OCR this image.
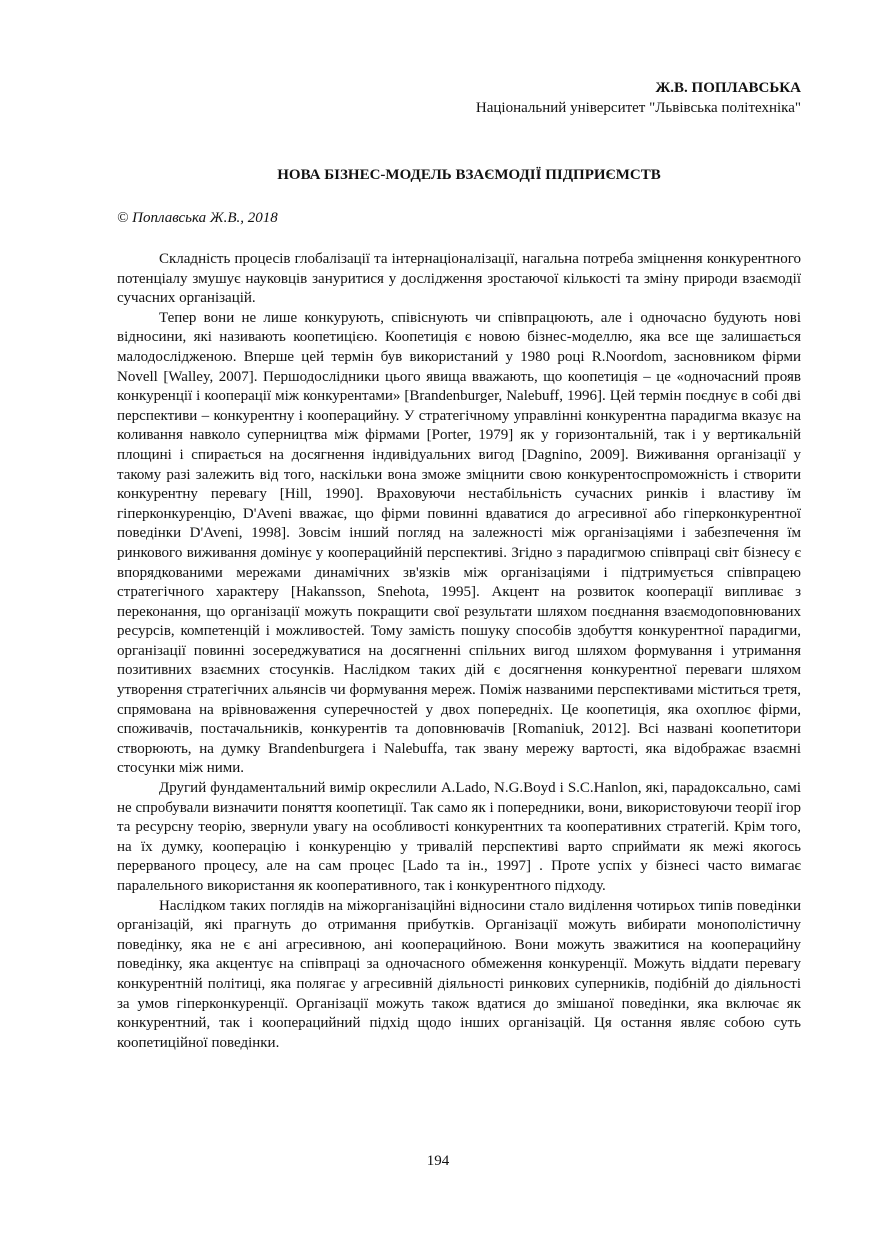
Ж.В. ПОПЛАВСЬКА
Національний університет "Львівська політехніка"
НОВА БІЗНЕС-МОДЕЛЬ ВЗАЄМОДІЇ ПІДПРИЄМСТВ
© Поплавська Ж.В., 2018

Складність процесів глобалізації та інтернаціоналізації, нагальна потреба зміцнення конкурентного потенціалу змушує науковців зануритися у дослідження зростаючої кількості та зміну природи взаємодії сучасних організацій.

Тепер вони не лише конкурують, співіснують чи співпрацюють, але і одночасно будують нові відносини, які називають коопетицією. Коопетиція є новою бізнес-моделлю, яка все ще залишається малодослідженою. Вперше цей термін був використаний у 1980 році R.Noordom, засновником фірми Novell [Walley, 2007]. Першодослідники цього явища вважають, що коопетиція – це «одночасний прояв конкуренції і кооперації між конкурентами» [Brandenburger, Nalebuff, 1996]. Цей термін поєднує в собі дві перспективи – конкурентну і кооперацийну. У стратегічному управлінні конкурентна парадигма вказує на коливання навколо суперництва між фірмами [Porter, 1979] як у горизонтальній, так і у вертикальній площині і спирається на досягнення індивідуальних вигод [Dagnino, 2009]. Виживання організації у такому разі залежить від того, наскільки вона зможе зміцнити свою конкурентоспроможність і створити конкурентну перевагу [Hill, 1990]. Враховуючи нестабільність сучасних ринків і властиву їм гіперконкуренцію, D'Aveni вважає, що фірми повинні вдаватися до агресивної або гіперконкурентної поведінки D'Aveni, 1998]. Зовсім інший погляд на залежності між організаціями і забезпечення їм ринкового виживання домінує у кооперацийній перспективі. Згідно з парадигмою співпраці світ бізнесу є впорядкованими мережами динамічних зв'язків між організаціями і підтримується співпрацею стратегічного характеру [Hakansson, Snehota, 1995]. Акцент на розвиток кооперації випливає з переконання, що організації можуть покращити свої результати шляхом поєднання взаємодоповнюваних ресурсів, компетенцій і можливостей. Тому замість пошуку способів здобуття конкурентної парадигми, організації повинні зосереджуватися на досягненні спільних вигод шляхом формування і утримання позитивних взаємних стосунків. Наслідком таких дій є досягнення конкурентної переваги шляхом утворення стратегічних альянсів чи формування мереж. Поміж названими перспективами міститься третя, спрямована на врівноваження суперечностей у двох попередніх. Це коопетиція, яка охоплює фірми, споживачів, постачальників, конкурентів та доповнювачів [Romaniuk, 2012]. Всі названі коопетитори створюють, на думку Brandenburgera і Nalebuffa, так звану мережу вартості, яка відображає взаємні стосунки між ними.

Другий фундаментальний вимір окреслили A.Lado, N.G.Boyd і S.C.Hanlon, які, парадоксально, самі не спробували визначити поняття коопетиції. Так само як і попередники, вони, використовуючи теорії ігор та ресурсну теорію, звернули увагу на особливості конкурентних та кооперативних стратегій. Крім того, на їх думку, кооперацію і конкуренцію у тривалій перспективі варто сприймати як межі якогось перерваного процесу, але на сам процес [Lado та ін., 1997] . Проте успіх у бізнесі часто вимагає паралельного використання як кооперативного, так і конкурентного підходу.

Наслідком таких поглядів на міжорганізаційні відносини стало виділення чотирьох типів поведінки організацій, які прагнуть до отримання прибутків. Організації можуть вибирати монополістичну поведінку, яка не є ані агресивною, ані кооперацийною. Вони можуть зважитися на кооперацийну поведінку, яка акцентує на співпраці за одночасного обмеження конкуренції. Можуть віддати перевагу конкурентній політиці, яка полягає у агресивній діяльності ринкових суперників, подібній до діяльності за умов гіперконкуренції. Організації можуть також вдатися до змішаної поведінки, яка включає як конкурентний, так і кооперацийний підхід щодо інших організацій. Ця остання являє собою суть коопетиційної поведінки.

194
